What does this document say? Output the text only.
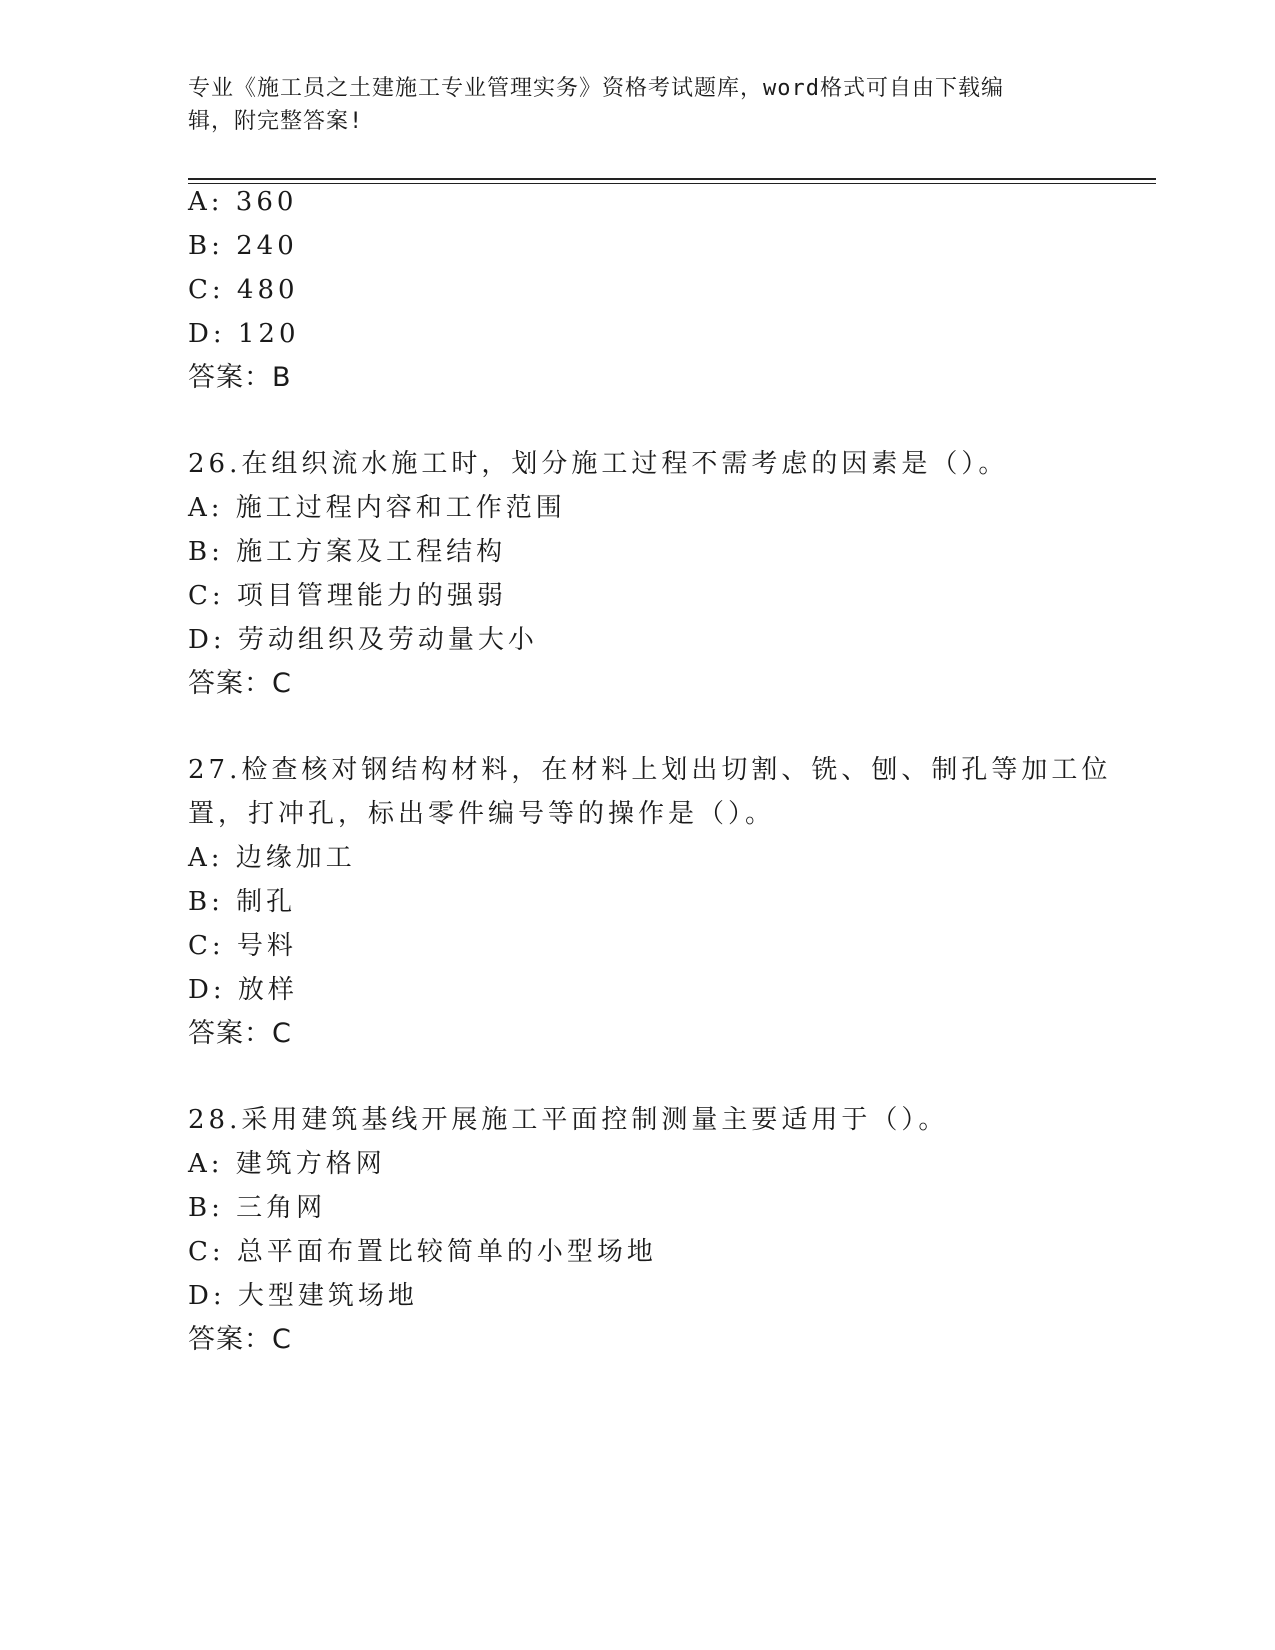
专业《施工员之土建施工专业管理实务》资格考试题库，word格式可自由下载编
辑，附完整答案!
A: 360
B: 240
C: 480
D: 120
答案：B
26.在组织流水施工时，划分施工过程不需考虑的因素是（）。
A: 施工过程内容和工作范围
B: 施工方案及工程结构
C: 项目管理能力的强弱
D: 劳动组织及劳动量大小
答案：C
27.检查核对钢结构材料，在材料上划出切割、铣、刨、制孔等加工位
置，打冲孔，标出零件编号等的操作是（）。
A: 边缘加工
B: 制孔
C: 号料
D: 放样
答案：C
28.采用建筑基线开展施工平面控制测量主要适用于（）。
A: 建筑方格网
B: 三角网
C: 总平面布置比较简单的小型场地
D: 大型建筑场地
答案：C
